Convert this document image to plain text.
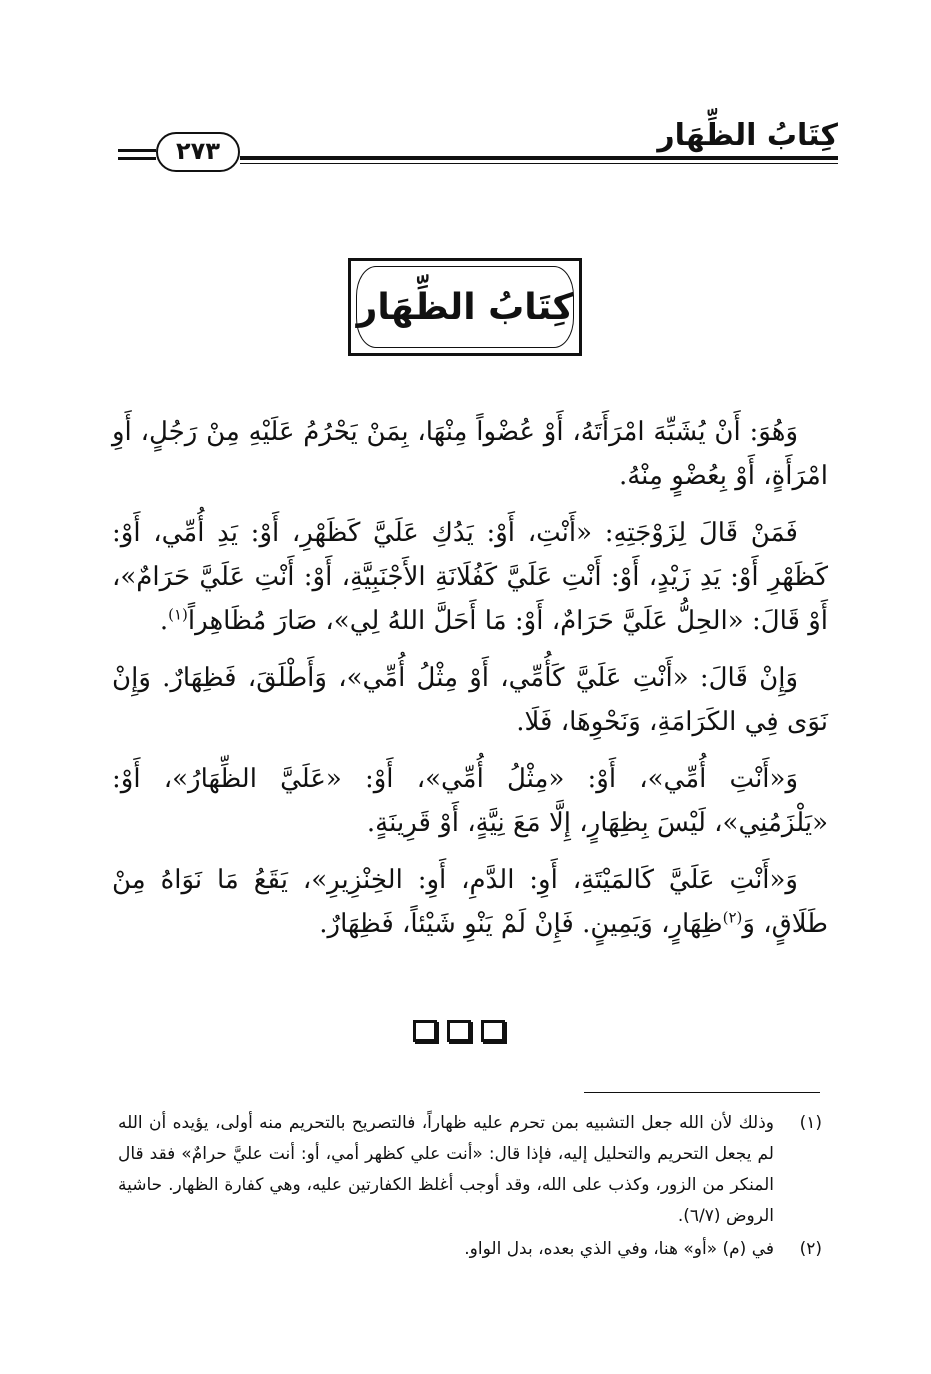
كِتَابُ الظِّهَار
٢٧٣
كِتَابُ الظِّهَار

وَهُوَ: أَنْ يُشَبِّهَ امْرَأَتَهُ، أَوْ عُضْواً مِنْهَا، بِمَنْ يَحْرُمُ عَلَيْهِ مِنْ رَجُلٍ، أَوِ امْرَأَةٍ، أَوْ بِعُضْوٍ مِنْهُ.

فَمَنْ قَالَ لِزَوْجَتِهِ: «أَنْتِ، أَوْ: يَدُكِ عَلَيَّ كَظَهْرِ، أَوْ: يَدِ أُمِّي، أَوْ: كَظَهْرِ أَوْ: يَدِ زَيْدٍ، أَوْ: أَنْتِ عَلَيَّ كَفُلَانَةِ الأَجْنَبِيَّةِ، أَوْ: أَنْتِ عَلَيَّ حَرَامٌ»، أَوْ قَالَ: «الحِلُّ عَلَيَّ حَرَامٌ، أَوْ: مَا أَحَلَّ اللهُ لِي»، صَارَ مُظَاهِراً$^{(١)}$.

وَإِنْ قَالَ: «أَنْتِ عَلَيَّ كَأُمِّي، أَوْ مِثْلُ أُمِّي»، وَأَطْلَقَ، فَظِهَارٌ. وَإِنْ نَوَى فِي الكَرَامَةِ، وَنَحْوِهَا، فَلَا.

وَ«أَنْتِ أُمِّي»، أَوْ: «مِثْلُ أُمِّي»، أَوْ: «عَلَيَّ الظِّهَارُ»، أَوْ: «يَلْزَمُنِي»، لَيْسَ بِظِهَارٍ، إِلَّا مَعَ نِيَّةٍ، أَوْ قَرِينَةٍ.

وَ«أَنْتِ عَلَيَّ كَالمَيْتَةِ، أَوِ: الدَّمِ، أَوِ: الخِنْزِيرِ»، يَقَعُ مَا نَوَاهُ مِنْ طَلَاقٍ، وَ$^{(٢)}$ظِهَارٍ، وَيَمِينٍ. فَإِنْ لَمْ يَنْوِ شَيْئاً، فَظِهَارٌ.

(١)
وذلك لأن الله جعل التشبيه بمن تحرم عليه ظهاراً، فالتصريح بالتحريم منه أولى، يؤيده أن الله لم يجعل التحريم والتحليل إليه، فإذا قال: «أنت علي كظهر أمي، أو: أنت عليَّ حرامٌ» فقد قال المنكر من الزور، وكذب على الله، وقد أوجب أغلظ الكفارتين عليه، وهي كفارة الظهار. حاشية الروض (٦/٧).
(٢)
في (م) «أو» هنا، وفي الذي بعده، بدل الواو.
